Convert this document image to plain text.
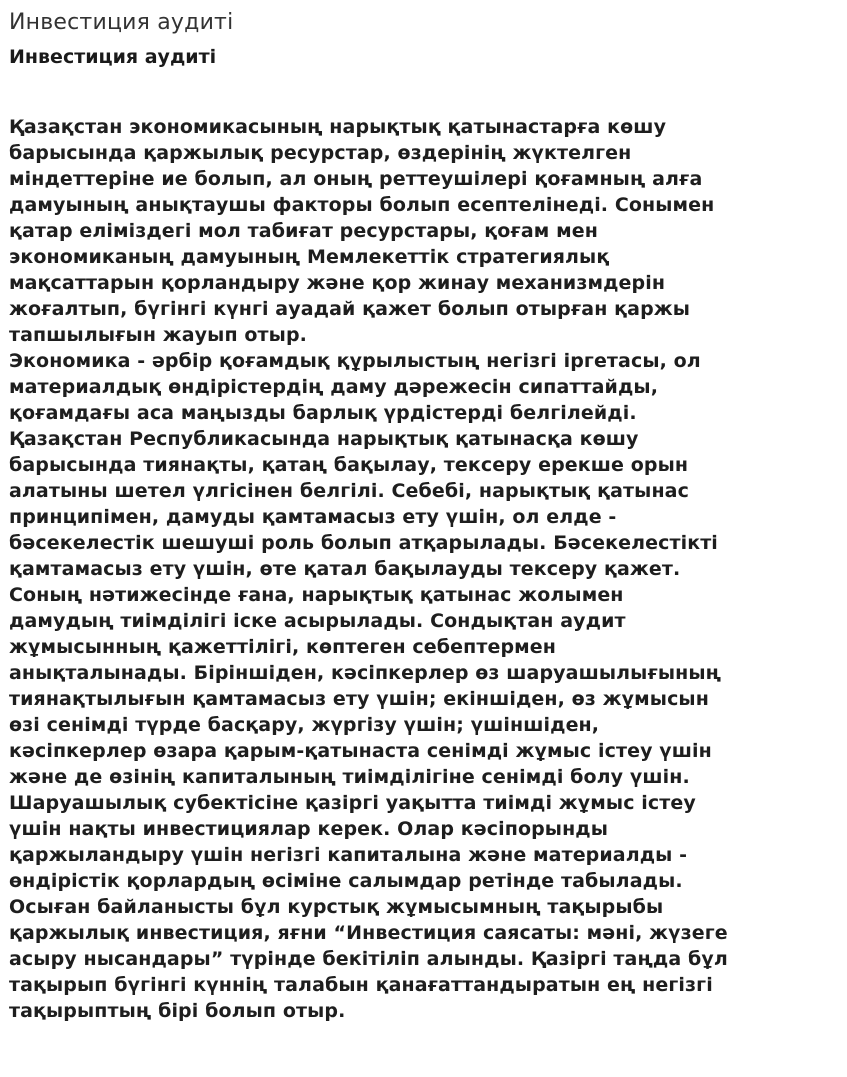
Инвестиция аудиті
Инвестиция аудиті

Қазақстан экономикасының нарықтық қатынастарға көшу
барысында қаржылық ресурстар, өздерінің жүктелген
міндеттеріне ие болып, ал оның реттеушілері қоғамның алға
дамуының анықтаушы факторы болып есептелінеді. Сонымен
қатар еліміздегі мол табиғат ресурстары, қоғам мен
экономиканың дамуының Мемлекеттік стратегиялық
мақсаттарын қорландыру және қор жинау механизмдерін
жоғалтып, бүгінгі күнгі ауадай қажет болып отырған қаржы
тапшылығын жауып отыр.

Экономика - әрбір қоғамдық құрылыстың негізгі іргетасы, ол
материалдық өндірістердің даму дәрежесін сипаттайды,
қоғамдағы аса маңызды барлық үрдістерді белгілейді.
Қазақстан Республикасында нарықтық қатынасқа көшу
барысында тиянақты, қатаң бақылау, тексеру ерекше орын
алатыны шетел үлгісінен белгілі. Себебі, нарықтық қатынас
принципімен, дамуды қамтамасыз ету үшін, ол елде -
бәсекелестік шешуші роль болып атқарылады. Бәсекелестікті
қамтамасыз ету үшін, өте қатал бақылауды тексеру қажет.
Соның нәтижесінде ғана, нарықтық қатынас жолымен
дамудың тиімділігі іске асырылады. Сондықтан аудит
жұмысынның қажеттілігі, көптеген себептермен
анықталынады. Біріншіден, кәсіпкерлер өз шаруашылығының
тиянақтылығын қамтамасыз ету үшін; екіншіден, өз жұмысын
өзі сенімді түрде басқару, жүргізу үшін; үшіншіден,
кәсіпкерлер өзара қарым-қатынаста сенімді жұмыс істеу үшін
және де өзінің капиталының тиімділігіне сенімді болу үшін.
Шаруашылық субектісіне қазіргі уақытта тиімді жұмыс істеу
үшін нақты инвестициялар керек. Олар кәсіпорынды
қаржыландыру үшін негізгі капиталына және материалды -
өндірістік қорлардың өсіміне салымдар ретінде табылады.
Осыған байланысты бұл курстық жұмысымның тақырыбы
қаржылық инвестиция, яғни “Инвестиция саясаты: мәні, жүзеге
асыру нысандары” түрінде бекітіліп алынды. Қазіргі таңда бұл
тақырып бүгінгі күннің талабын қанағаттандыратын ең негізгі
тақырыптың бірі болып отыр.
